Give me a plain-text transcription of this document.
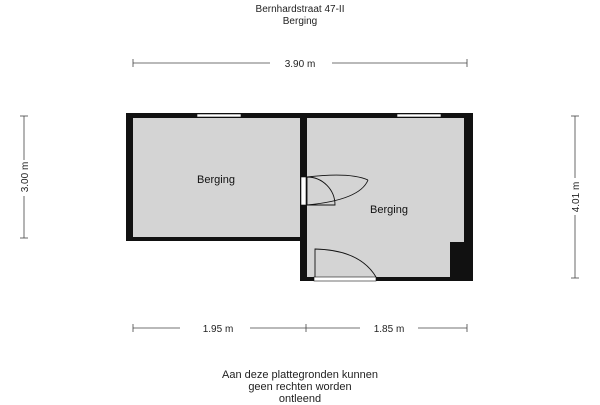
Bernhardstraat 47-II
Berging
3.90 m
3.00 m
4.01 m
1.95 m	1.85 m
Berging
Berging
Aan deze plattegronden kunnen
geen rechten worden
ontleend
